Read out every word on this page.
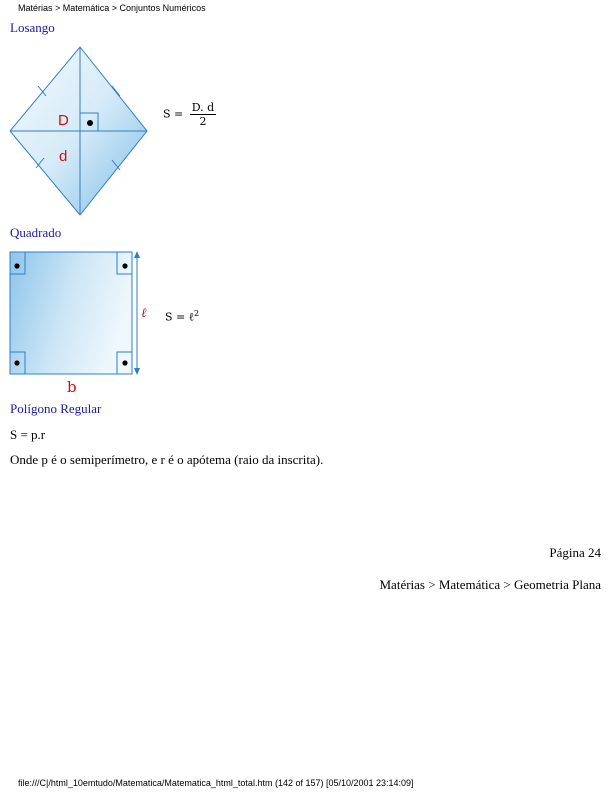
Matérias > Matemática > Conjuntos Numéricos
Losango
D
d
$S = \frac{D. d}{2}$
Quadrado
ℓ
b
S = ℓ$^2$
Polígono Regular
S = p.r
Onde p é o semiperímetro, e r é o apótema (raio da inscrita).
Página 24
Matérias > Matemática > Geometria Plana
file:///C|/html_10emtudo/Matematica/Matematica_html_total.htm (142 of 157) [05/10/2001 23:14:09]
